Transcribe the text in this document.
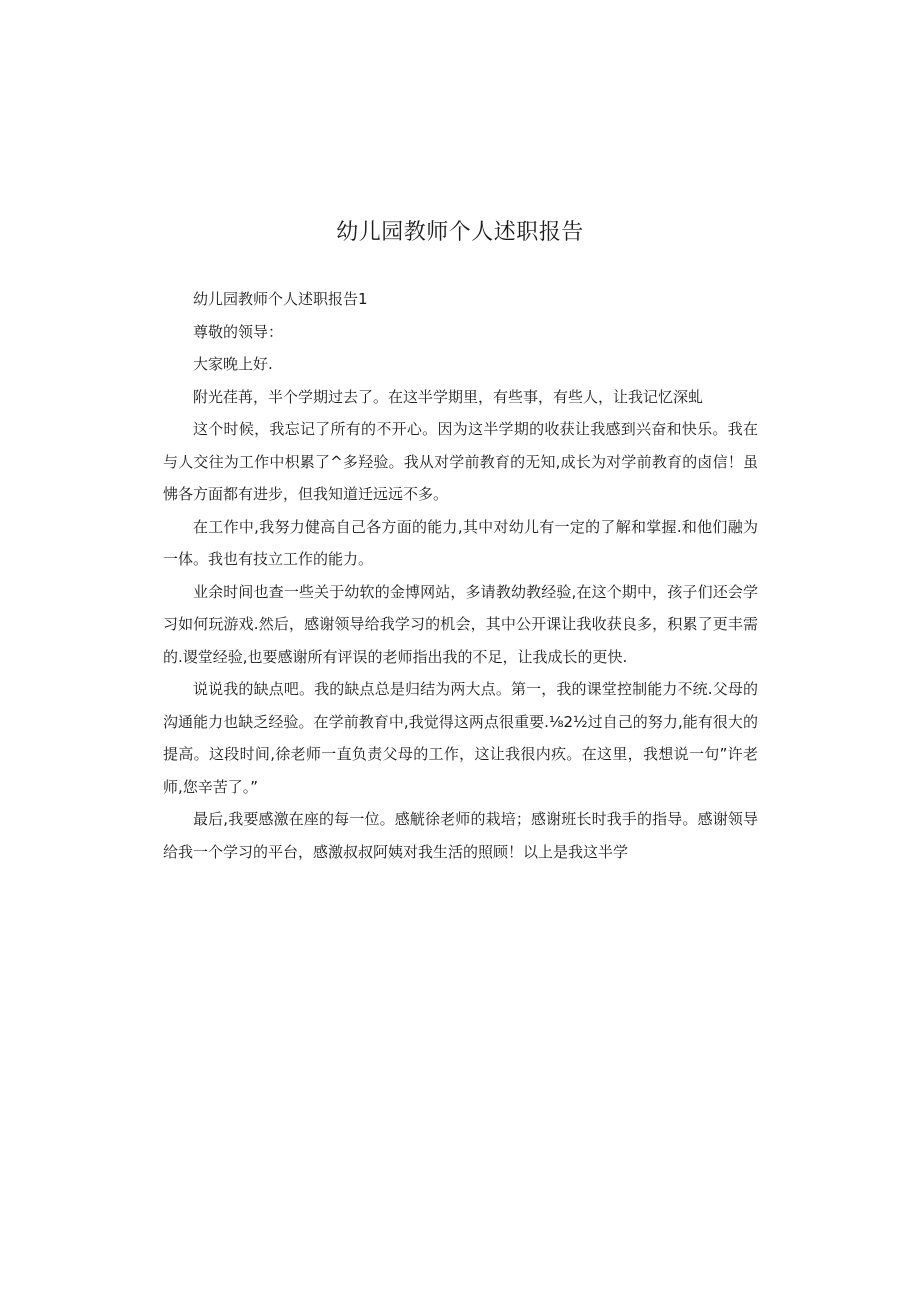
幼儿园教师个人述职报告

幼儿园教师个人述职报告1

尊敬的领导：

大家晚上好.

附光荏苒，半个学期过去了。在这半学期里，有些事，有些人，让我记忆深虬

这个时候，我忘记了所有的不开心。因为这半学期的收获让我感到兴奋和快乐。我在与人交往为工作中枳累了^多羟验。我从对学前教育的无知,成长为对学前教育的卤信！虽怫各方面都有进步，但我知道迁远远不多。

在工作中,我努力健高自己各方面的能力,其中对幼儿有一定的了解和掌握.和他们融为一体。我也有技立工作的能力。

业余时间也查一些关于幼软的金博网站，多请教幼教经验,在这个期中，孩子们还会学习如何玩游戏.然后，感谢领导给我学习的机会，其中公开课让我收获良多，积累了更丰需的.谡堂经验,也要感谢所有评误的老师指出我的不足，让我成长的更快.

说说我的缺点吧。我的缺点总是归结为两大点。第一，我的课堂控制能力不统.父母的沟通能力也缺乏经验。在学前教育中,我觉得这两点很重要.⅛2½过自己的努力,能有很大的提高。这段时间,徐老师一直负责父母的工作，这让我很内疚。在这里，我想说一句”许老师,您辛苦了。”

最后,我要感激在座的每一位。感觥徐老师的栽培；感谢班长时我手的指导。感谢领导给我一个学习的平台，感激叔叔阿姨对我生活的照顾！以上是我这半学
